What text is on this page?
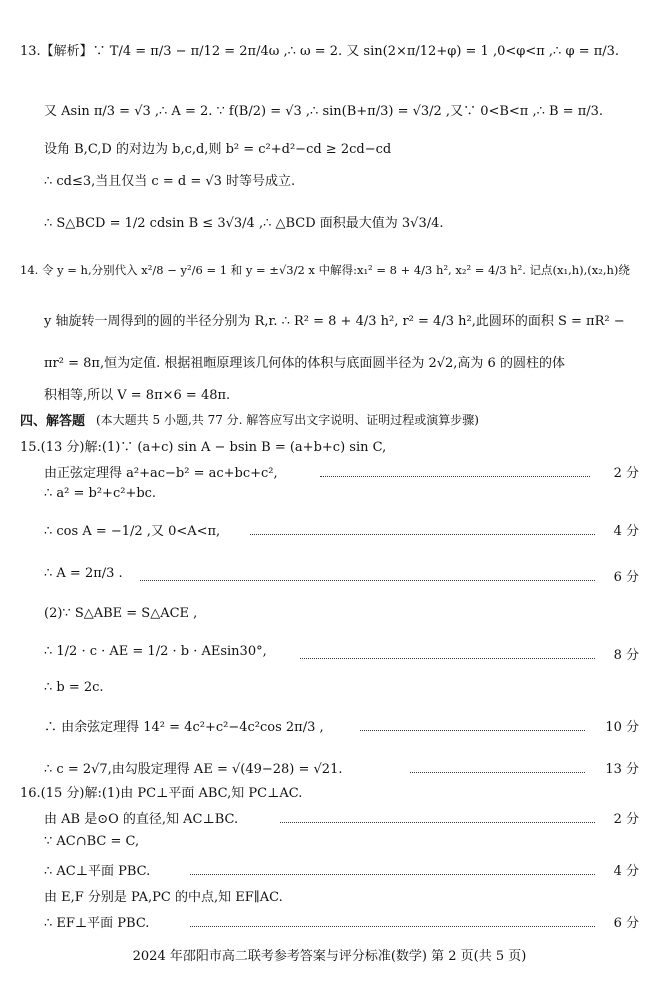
13.【解析】∵ T/4 = π/3 − π/12 = 2π/4ω ,∴ ω = 2. 又 sin(2×π/12+φ) = 1 ,0<φ<π ,∴ φ = π/3.
又 Asin π/3 = √3 ,∴ A = 2. ∵ f(B/2) = √3 ,∴ sin(B+π/3) = √3/2 ,又∵ 0<B<π ,∴ B = π/3.
设角 B,C,D 的对边为 b,c,d,则 b² = c²+d²−cd ≥ 2cd−cd
∴ cd≤3,当且仅当 c = d = √3 时等号成立.
∴ S△BCD = 1/2 cdsin B ≤ 3√3/4 ,∴ △BCD 面积最大值为 3√3/4.
14. 令 y = h,分别代入 x²/8 − y²/6 = 1 和 y = ±√3/2 x 中解得:x₁² = 8 + 4/3 h², x₂² = 4/3 h². 记点(x₁,h),(x₂,h)绕
y 轴旋转一周得到的圆的半径分别为 R,r. ∴ R² = 8 + 4/3 h², r² = 4/3 h²,此圆环的面积 S = πR² −
πr² = 8π,恒为定值. 根据祖暅原理该几何体的体积与底面圆半径为 2√2,高为 6 的圆柱的体
积相等,所以 V = 8π×6 = 48π.
四、解答题 (本大题共 5 小题,共 77 分. 解答应写出文字说明、证明过程或演算步骤)
15.(13 分)解:(1)∵ (a+c) sin A − bsin B = (a+b+c) sin C,
由正弦定理得 a²+ac−b² = ac+bc+c²,	2 分
∴ a² = b²+c²+bc.
∴ cos A = −1/2 ,又 0<A<π,	4 分
∴ A = 2π/3 .	6 分
(2)∵ S△ABE = S△ACE ,
∴ 1/2 · c · AE = 1/2 · b · AEsin30°,	8 分
∴ b = 2c.
∴ 由余弦定理得 14² = 4c²+c²−4c²cos 2π/3 ,	10 分
∴ c = 2√7,由勾股定理得 AE = √(49−28) = √21.	13 分
16.(15 分)解:(1)由 PC⊥平面 ABC,知 PC⊥AC.
由 AB 是⊙O 的直径,知 AC⊥BC.	2 分
∵ AC∩BC = C,
∴ AC⊥平面 PBC.	4 分
由 E,F 分别是 PA,PC 的中点,知 EF∥AC.
∴ EF⊥平面 PBC.	6 分
2024 年邵阳市高二联考参考答案与评分标准(数学) 第 2 页(共 5 页)
